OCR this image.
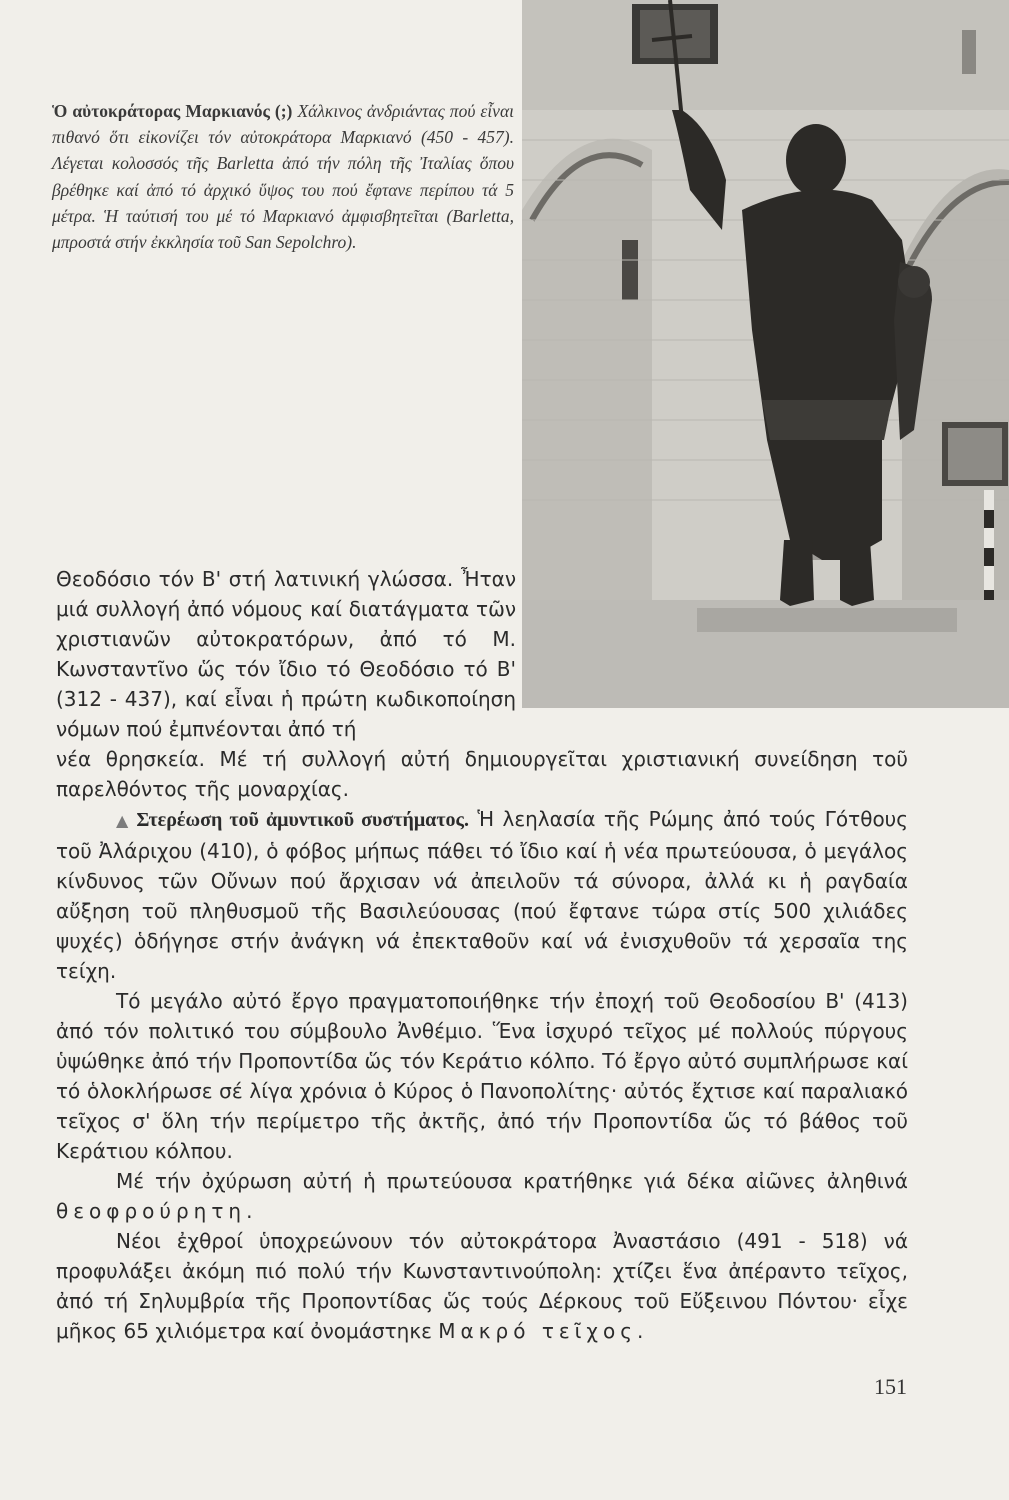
Ὁ αὐτοκράτορας Μαρκιανός (;) Χάλκινος ἀνδριάντας πού εἶναι πιθανό ὅτι εἰκονίζει τόν αὐτοκράτορα Μαρκιανό (450 - 457). Λέγεται κολοσσός τῆς Barletta ἀπό τήν πόλη τῆς Ἰταλίας ὅπου βρέθηκε καί ἀπό τό ἀρχικό ὕψος του πού ἔφτανε περίπου τά 5 μέτρα. Ἡ ταύτισή του μέ τό Μαρκιανό ἀμφισβητεῖται (Barletta, μπροστά στήν ἐκκλησία τοῦ San Sepolchro).

Θεοδόσιο τόν Β' στή λατινική γλώσσα. Ἦταν μιά συλλογή ἀπό νόμους καί διατάγματα τῶν χριστιανῶν αὐτοκρατόρων, ἀπό τό Μ. Κωνσταντῖνο ὥς τόν ἴδιο τό Θεοδόσιο τό Β' (312 - 437), καί εἶναι ἡ πρώτη κωδικοποίηση νόμων πού ἐμπνέονται ἀπό τή

νέα θρησκεία. Μέ τή συλλογή αὐτή δημιουργεῖται χριστιανική συνείδηση τοῦ παρελθόντος τῆς μοναρχίας.

▲ Στερέωση τοῦ ἀμυντικοῦ συστήματος. Ἡ λεηλασία τῆς Ρώμης ἀπό τούς Γότθους τοῦ Ἀλάριχου (410), ὁ φόβος μήπως πάθει τό ἴδιο καί ἡ νέα πρωτεύουσα, ὁ μεγάλος κίνδυνος τῶν Οὔνων πού ἄρχισαν νά ἀπειλοῦν τά σύνορα, ἀλλά κι ἡ ραγδαία αὔξηση τοῦ πληθυσμοῦ τῆς Βασιλεύουσας (πού ἔφτανε τώρα στίς 500 χιλιάδες ψυχές) ὁδήγησε στήν ἀνάγκη νά ἐπεκταθοῦν καί νά ἐνισχυθοῦν τά χερσαῖα της τείχη.

Τό μεγάλο αὐτό ἔργο πραγματοποιήθηκε τήν ἐποχή τοῦ Θεοδοσίου Β' (413) ἀπό τόν πολιτικό του σύμβουλο Ἀνθέμιο. Ἕνα ἰσχυρό τεῖχος μέ πολλούς πύργους ὑψώθηκε ἀπό τήν Προποντίδα ὥς τόν Κεράτιο κόλπο. Τό ἔργο αὐτό συμπλήρωσε καί τό ὁλοκλήρωσε σέ λίγα χρόνια ὁ Κύρος ὁ Πανοπολίτης· αὐτός ἔχτισε καί παραλιακό τεῖχος σ' ὅλη τήν περίμετρο τῆς ἀκτῆς, ἀπό τήν Προποντίδα ὥς τό βάθος τοῦ Κεράτιου κόλπου.

Μέ τήν ὀχύρωση αὐτή ἡ πρωτεύουσα κρατήθηκε γιά δέκα αἰῶνες ἀληθινά θεοφρούρητη.

Νέοι ἐχθροί ὑποχρεώνουν τόν αὐτοκράτορα Ἀναστάσιο (491 - 518) νά προφυλάξει ἀκόμη πιό πολύ τήν Κωνσταντινούπολη: χτίζει ἕνα ἀπέραντο τεῖχος, ἀπό τή Σηλυμβρία τῆς Προποντίδας ὥς τούς Δέρκους τοῦ Εὔξεινου Πόντου· εἶχε μῆκος 65 χιλιόμετρα καί ὀνομάστηκε Μακρό τεῖχος.

151
